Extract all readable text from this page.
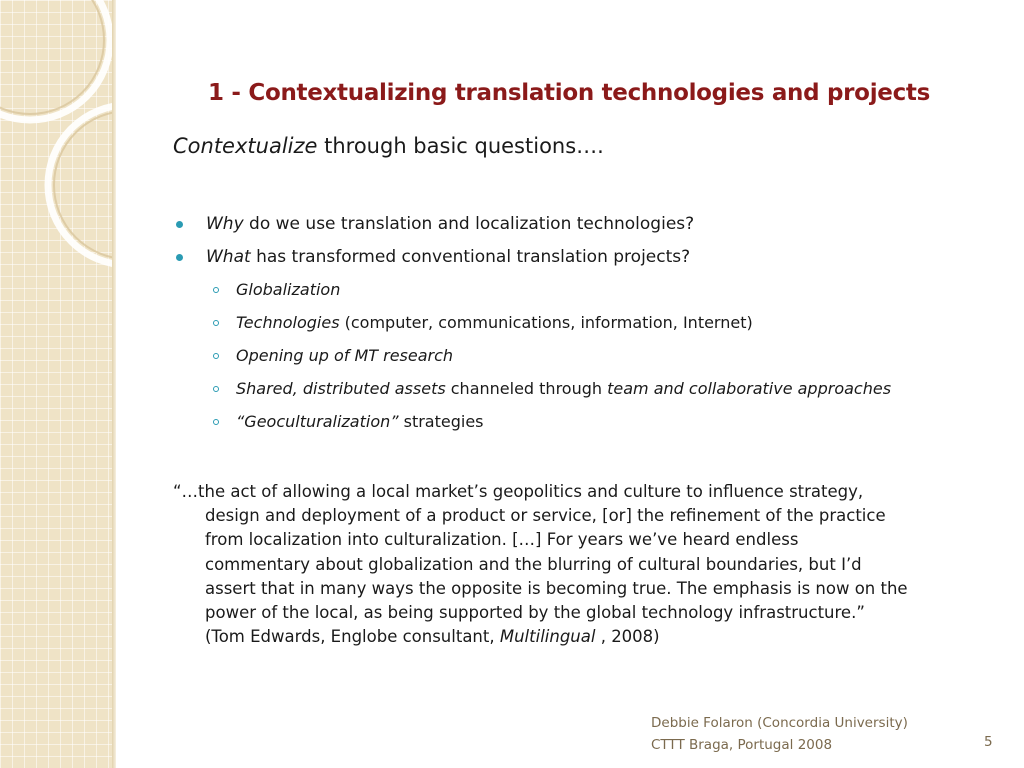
1 - Contextualizing translation technologies and projects
Contextualize through basic questions….
Why do we use translation and localization technologies?
What has transformed conventional translation projects?
Globalization
Technologies (computer, communications, information, Internet)
Opening up of MT research
Shared, distributed assets channeled through team and collaborative approaches
“Geoculturalization” strategies
“…the act of allowing a local market’s geopolitics and culture to influence strategy,
design and deployment of a product or service, [or] the refinement of the practice
from localization into culturalization. […] For years we’ve heard endless
commentary about globalization and the blurring of cultural boundaries, but I’d
assert that in many ways the opposite is becoming true. The emphasis is now on the
power of the local, as being supported by the global technology infrastructure.”
(Tom Edwards, Englobe consultant, Multilingual , 2008)
Debbie Folaron (Concordia University)
CTTT Braga, Portugal 2008	5
